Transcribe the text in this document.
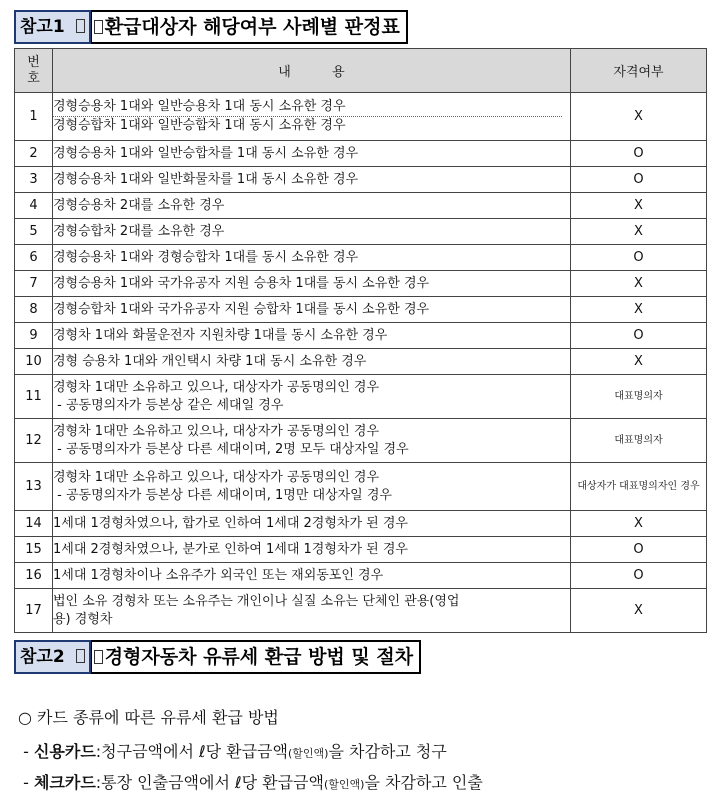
참고1	환급대상자 해당여부 사례별 판정표
번
호	내          용	자격여부
1	경형승용차 1대와 일반승용차 1대 동시 소유한 경우
경형승합차 1대와 일반승합차 1대 동시 소유한 경우	X
2	경형승용차 1대와 일반승합차를 1대 동시 소유한 경우	O
3	경형승용차 1대와 일반화물차를 1대 동시 소유한 경우	O
4	경형승용차 2대를 소유한 경우	X
5	경형승합차 2대를 소유한 경우	X
6	경형승용차 1대와 경형승합차 1대를 동시 소유한 경우	O
7	경형승용차 1대와 국가유공자 지원 승용차 1대를 동시 소유한 경우	X
8	경형승합차 1대와 국가유공자 지원 승합차 1대를 동시 소유한 경우	X
9	경형차 1대와 화물운전자 지원차량 1대를 동시 소유한 경우	O
10	경형 승용차 1대와 개인택시 차량 1대 동시 소유한 경우	X
11	경형차 1대만 소유하고 있으나, 대상자가 공동명의인 경우
- 공동명의자가 등본상 같은 세대일 경우	대표명의자
12	경형차 1대만 소유하고 있으나, 대상자가 공동명의인 경우
- 공동명의자가 등본상 다른 세대이며, 2명 모두 대상자일 경우	대표명의자
13	경형차 1대만 소유하고 있으나, 대상자가 공동명의인 경우
- 공동명의자가 등본상 다른 세대이며, 1명만 대상자일 경우	대상자가 대표명의자인 경우
14	1세대 1경형차였으나, 합가로 인하여 1세대 2경형차가 된 경우	X
15	1세대 2경형차였으나, 분가로 인하여 1세대 1경형차가 된 경우	O
16	1세대 1경형차이나 소유주가 외국인 또는 재외동포인 경우	O
17	법인 소유 경형차 또는 소유주는 개인이나 실질 소유는 단체인 관용(영업
용) 경형차	X
참고2	경형자동차 유류세 환급 방법 및 절차
○ 카드 종류에 따른 유류세 환급 방법
- 신용카드:청구금액에서 ℓ당 환급금액(할인액)을 차감하고 청구
- 체크카드:통장 인출금액에서 ℓ당 환급금액(할인액)을 차감하고 인출
